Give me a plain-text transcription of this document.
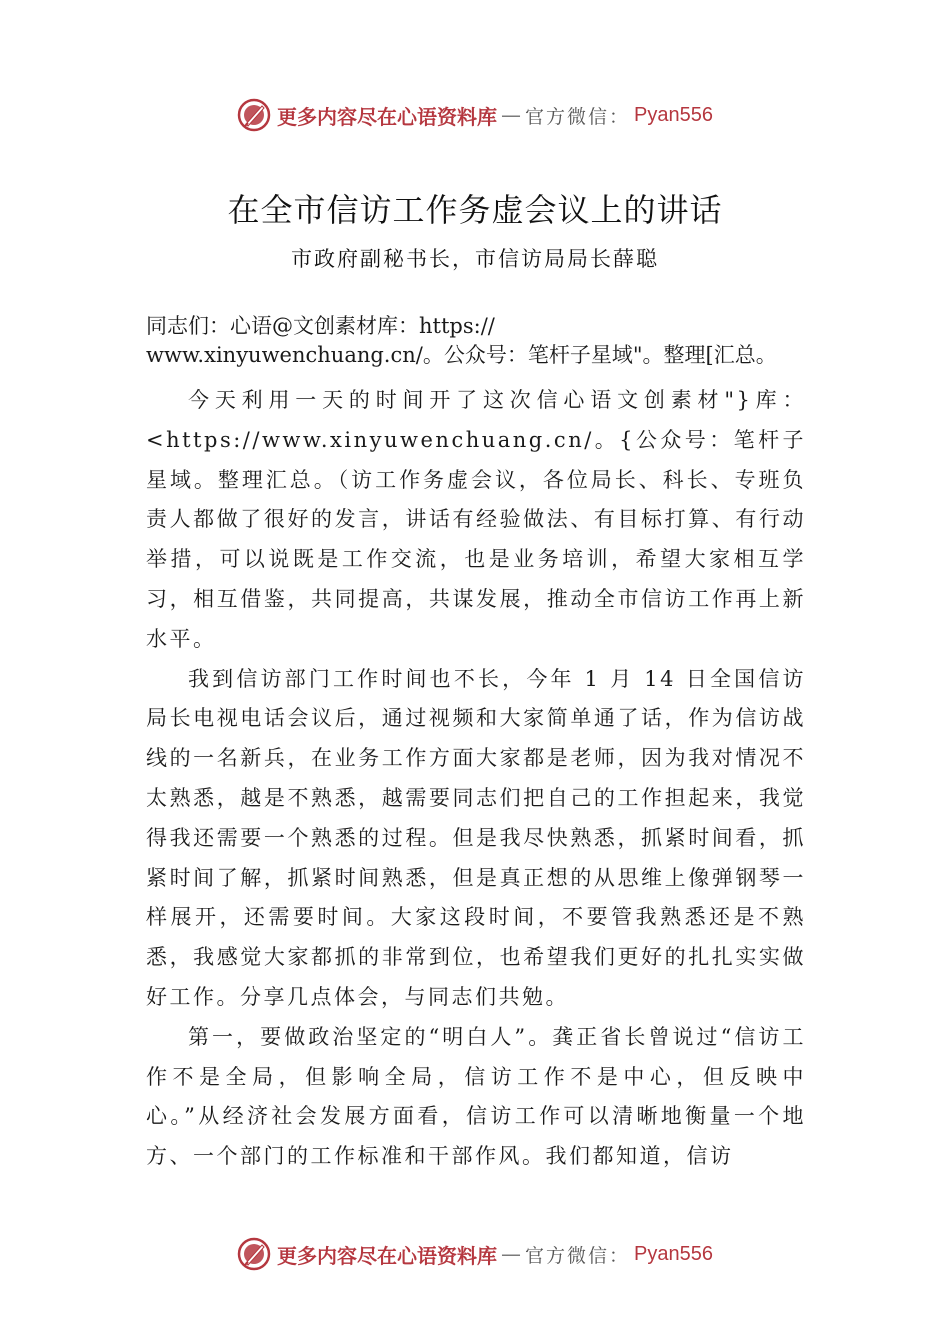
更多内容尽在心语资料库 — 官方微信： Pyan556
在全市信访工作务虚会议上的讲话
市政府副秘书长，市信访局局长薛聪
同志们：心语@文创素材库：https://
www.xinyuwenchuang.cn/。公众号：笔杆子星域"。整理[汇总。

今天利用一天的时间开了这次信心语文创素材"}库：<https://www.xinyuwenchuang.cn/。{公众号：笔杆子星域。整理汇总。（访工作务虚会议，各位局长、科长、专班负责人都做了很好的发言，讲话有经验做法、有目标打算、有行动举措，可以说既是工作交流，也是业务培训，希望大家相互学习，相互借鉴，共同提高，共谋发展，推动全市信访工作再上新水平。

我到信访部门工作时间也不长，今年 1 月 14 日全国信访局长电视电话会议后，通过视频和大家简单通了话，作为信访战线的一名新兵，在业务工作方面大家都是老师，因为我对情况不太熟悉，越是不熟悉，越需要同志们把自己的工作担起来，我觉得我还需要一个熟悉的过程。但是我尽快熟悉，抓紧时间看，抓紧时间了解，抓紧时间熟悉，但是真正想的从思维上像弹钢琴一样展开，还需要时间。大家这段时间，不要管我熟悉还是不熟悉，我感觉大家都抓的非常到位，也希望我们更好的扎扎实实做好工作。分享几点体会，与同志们共勉。

第一，要做政治坚定的“明白人”。龚正省长曾说过“信访工作不是全局，但影响全局，信访工作不是中心，但反映中心。”从经济社会发展方面看，信访工作可以清晰地衡量一个地方、一个部门的工作标准和干部作风。我们都知道，信访

更多内容尽在心语资料库 — 官方微信： Pyan556
